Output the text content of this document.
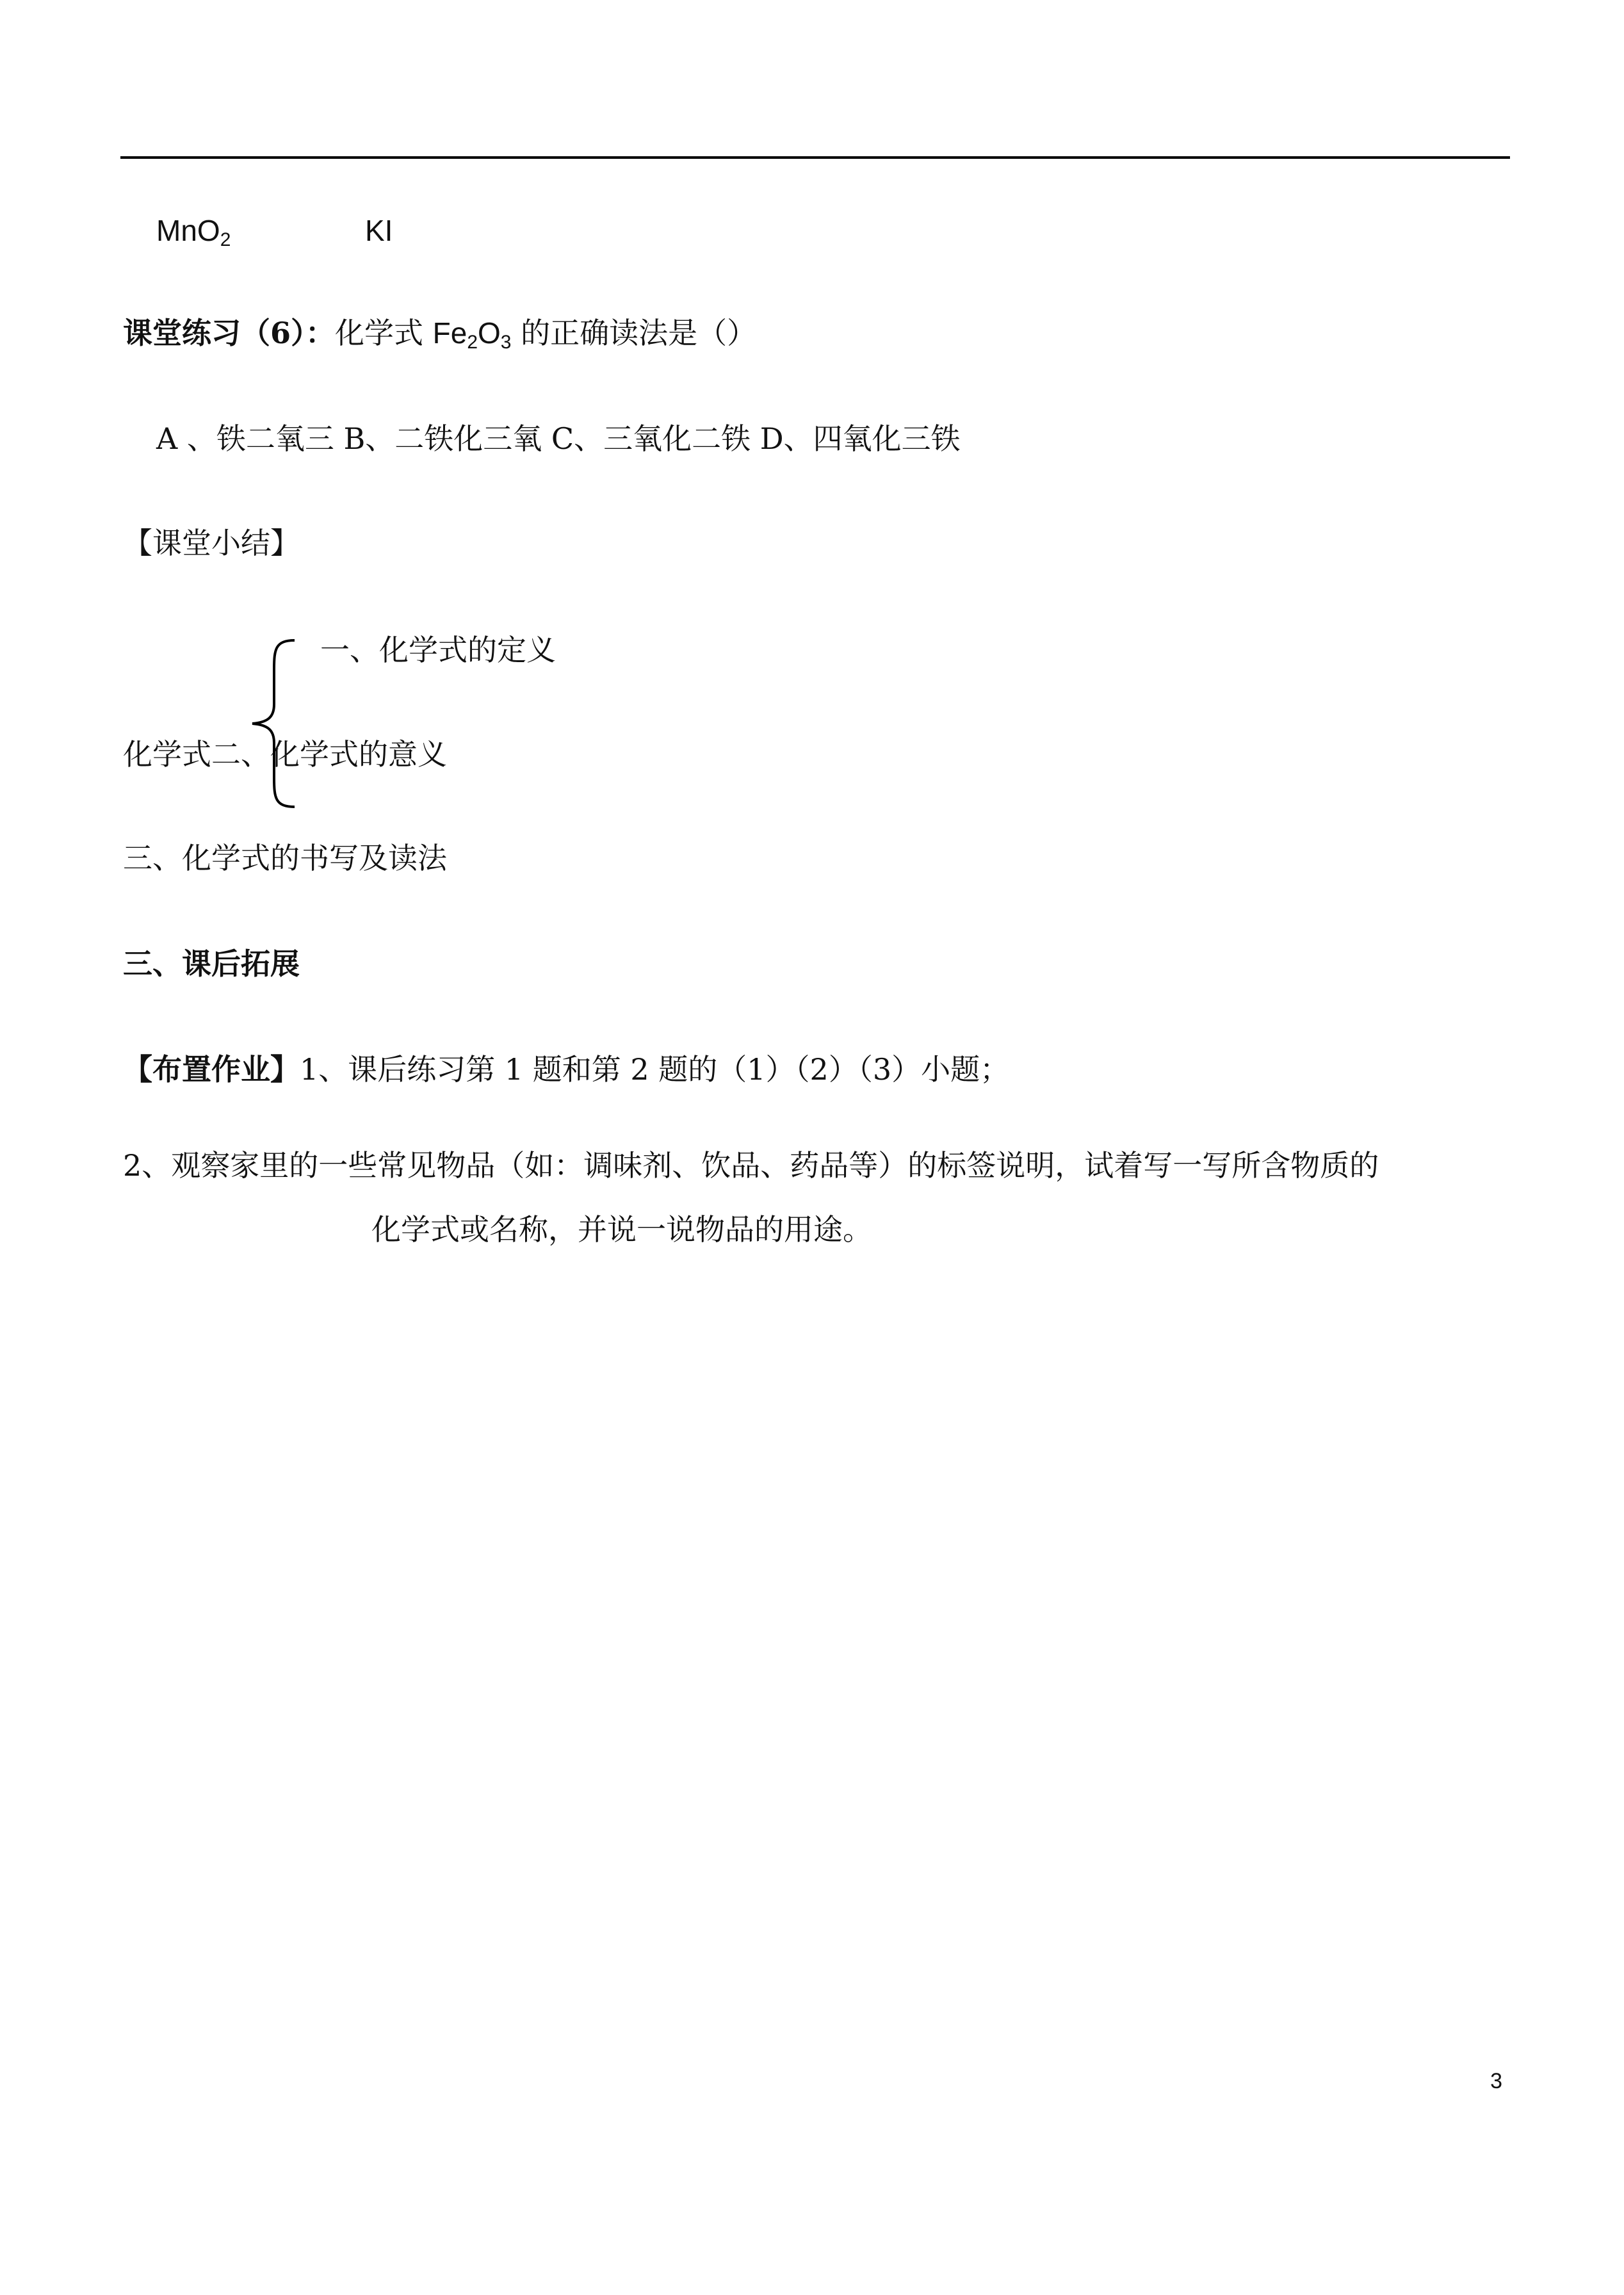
MnO$_2$	KI
课堂练习（6）：化学式 $Fe_2O_3$ 的正确读法是（）
A 、铁二氧三 B、二铁化三氧 C、三氧化二铁 D、四氧化三铁
【课堂小结】
一、化学式的定义
化学式 二、化学式的意义
三、化学式的书写及读法
三、课后拓展
【布置作业】1、课后练习第 1 题和第 2 题的（1）（2）（3）小题；
2、观察家里的一些常见物品（如：调味剂、饮品、药品等）的标签说明，试着写一写所含物质的
化学式或名称，并说一说物品的用途。
3
